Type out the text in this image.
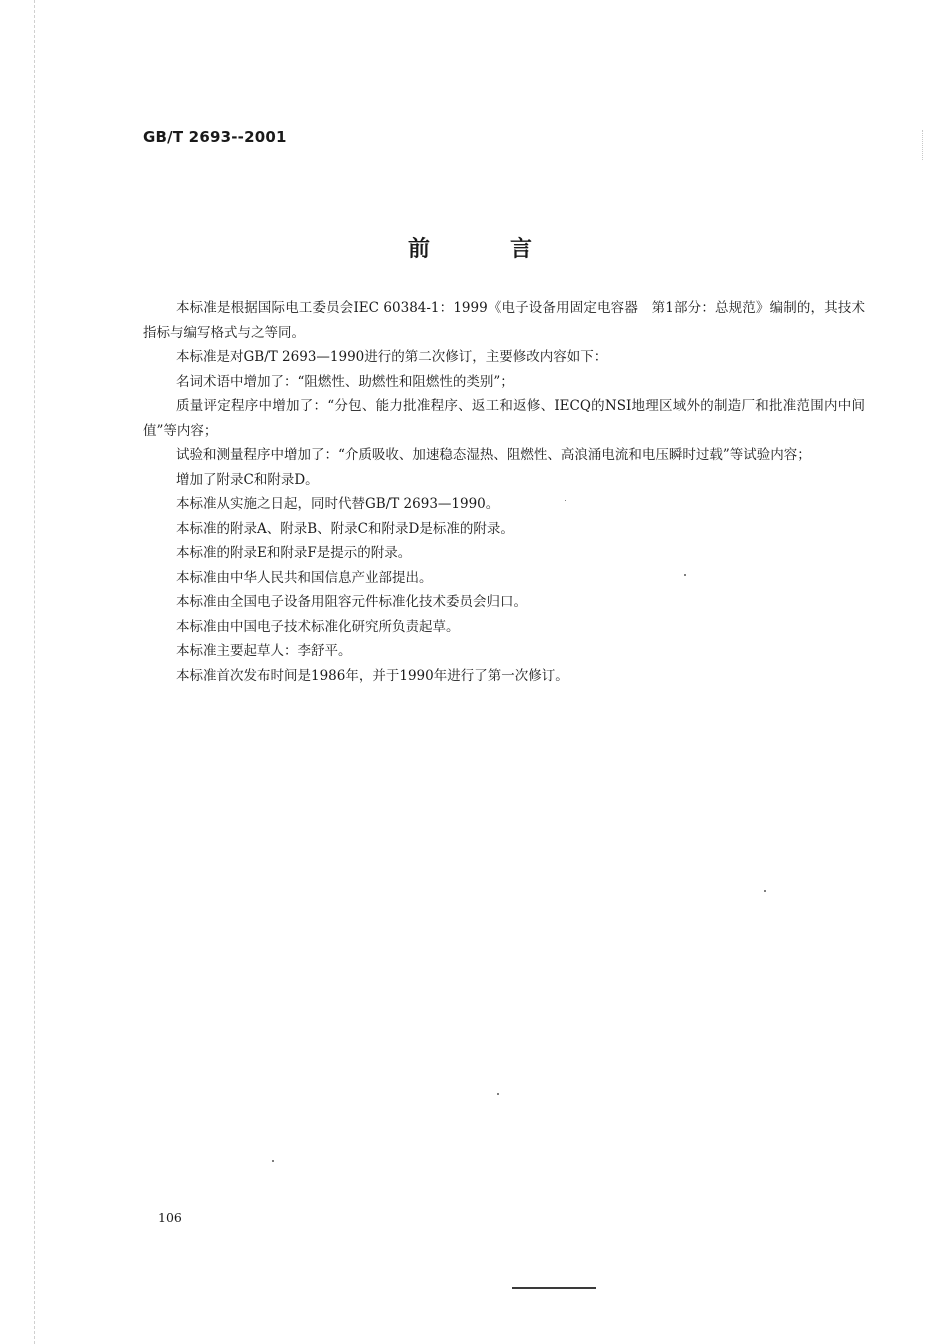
GB/T 2693--2001
前言

本标准是根据国际电工委员会IEC 60384-1：1999《电子设备用固定电容器　第1部分：总规范》编制的，其技术指标与编写格式与之等同。

本标准是对GB/T 2693—1990进行的第二次修订，主要修改内容如下：

名词术语中增加了：“阻燃性、助燃性和阻燃性的类别”；

质量评定程序中增加了：“分包、能力批准程序、返工和返修、IECQ的NSI地理区域外的制造厂和批准范围内中间值”等内容；

试验和测量程序中增加了：“介质吸收、加速稳态湿热、阻燃性、高浪涌电流和电压瞬时过载”等试验内容；

增加了附录C和附录D。

本标准从实施之日起，同时代替GB/T 2693—1990。

本标准的附录A、附录B、附录C和附录D是标准的附录。

本标准的附录E和附录F是提示的附录。

本标准由中华人民共和国信息产业部提出。

本标准由全国电子设备用阻容元件标准化技术委员会归口。

本标准由中国电子技术标准化研究所负责起草。

本标准主要起草人：李舒平。

本标准首次发布时间是1986年，并于1990年进行了第一次修订。

106
